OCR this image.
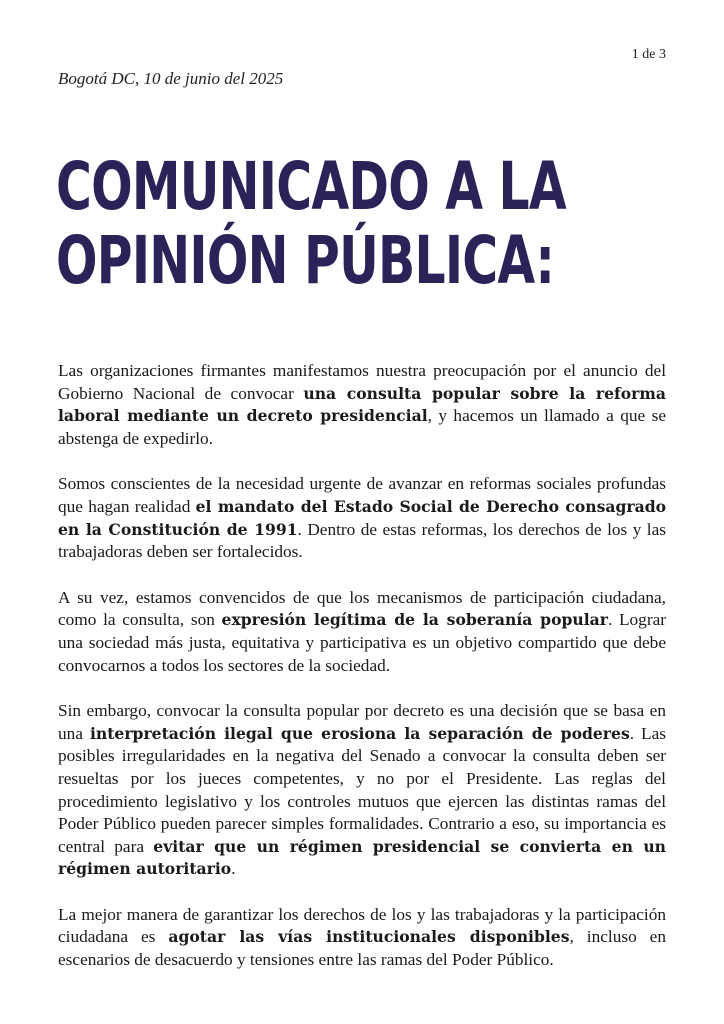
1 de 3
Bogotá DC, 10 de junio del 2025
COMUNICADO A LA
OPINIÓN PÚBLICA:

Las organizaciones firmantes manifestamos nuestra preocupación por el anuncio del Gobierno Nacional de convocar una consulta popular sobre la reforma laboral mediante un decreto presidencial, y hacemos un llamado a que se abstenga de expedirlo.

Somos conscientes de la necesidad urgente de avanzar en reformas sociales profundas que hagan realidad el mandato del Estado Social de Derecho consagrado en la Constitución de 1991. Dentro de estas reformas, los derechos de los y las trabajadoras deben ser fortalecidos.

A su vez, estamos convencidos de que los mecanismos de participación ciudadana, como la consulta, son expresión legítima de la soberanía popular. Lograr una sociedad más justa, equitativa y participativa es un objetivo compartido que debe convocarnos a todos los sectores de la sociedad.

Sin embargo, convocar la consulta popular por decreto es una decisión que se basa en una interpretación ilegal que erosiona la separación de poderes. Las posibles irregularidades en la negativa del Senado a convocar la consulta deben ser resueltas por los jueces competentes, y no por el Presidente. Las reglas del procedimiento legislativo y los controles mutuos que ejercen las distintas ramas del Poder Público pueden parecer simples formalidades. Contrario a eso, su importancia es central para evitar que un régimen presidencial se convierta en un régimen autoritario.

La mejor manera de garantizar los derechos de los y las trabajadoras y la participación ciudadana es agotar las vías institucionales disponibles, incluso en escenarios de desacuerdo y tensiones entre las ramas del Poder Público.
